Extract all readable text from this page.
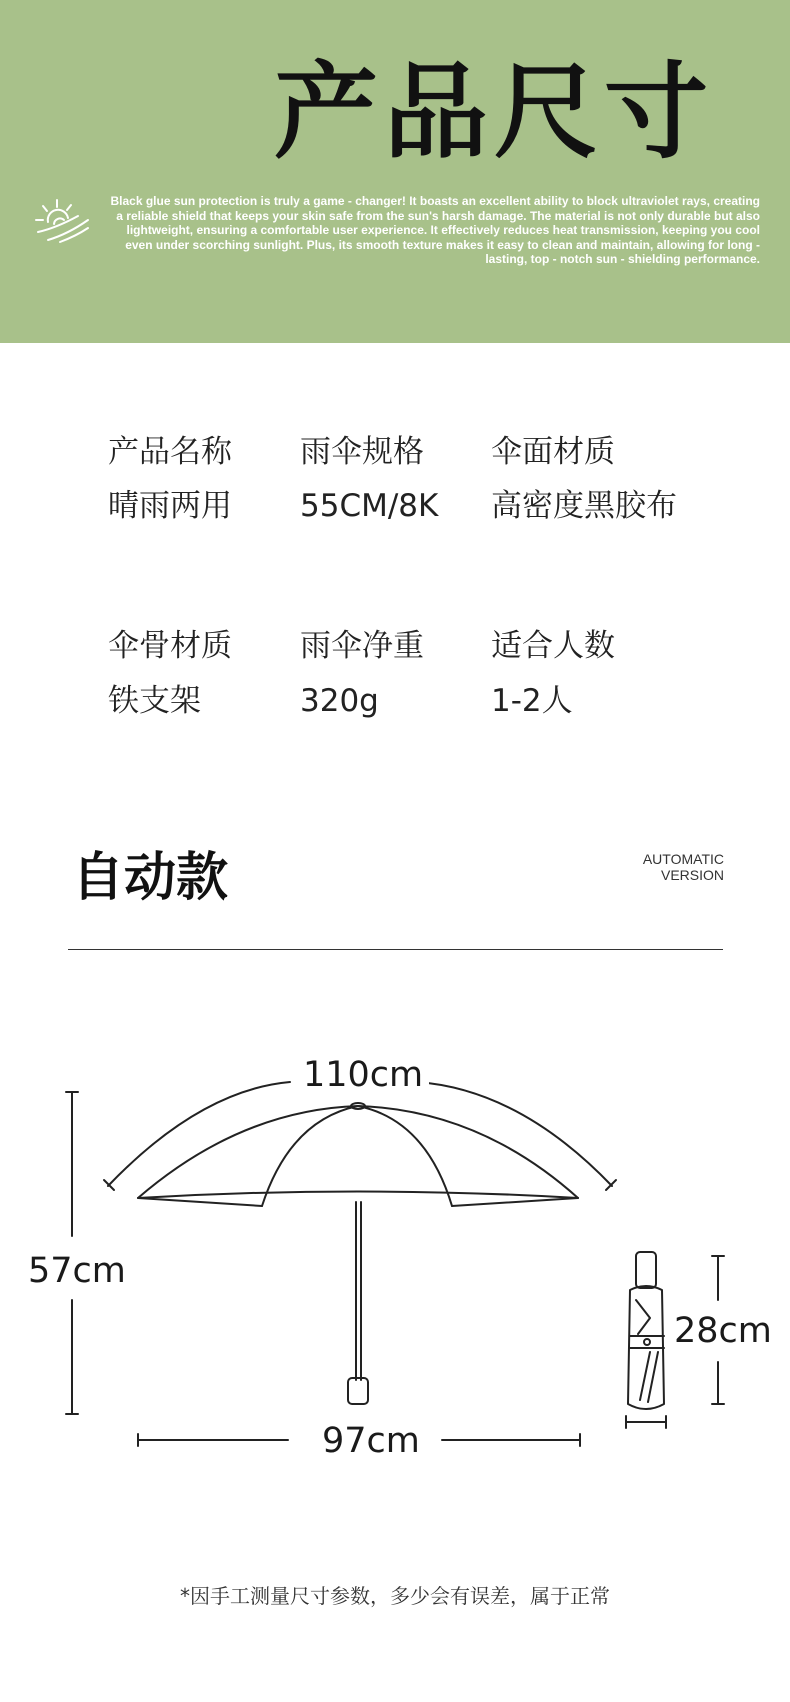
产品尺寸
Black glue sun protection is truly a game - changer! It boasts an excellent ability to block ultraviolet rays, creating a reliable shield that keeps your skin safe from the sun's harsh damage. The material is not only durable but also lightweight, ensuring a comfortable user experience. It effectively reduces heat transmission, keeping you cool even under scorching sunlight. Plus, its smooth texture makes it easy to clean and maintain, allowing for long - lasting, top - notch sun - shielding performance.
产品名称 雨伞规格 伞面材质
晴雨两用 55CM/8K 高密度黑胶布
伞骨材质 雨伞净重 适合人数
铁支架	320g	1-2人
自动款	AUTOMATIC
VERSION
110cm
57cm
97cm
28cm
*因手工测量尺寸参数，多少会有误差，属于正常
